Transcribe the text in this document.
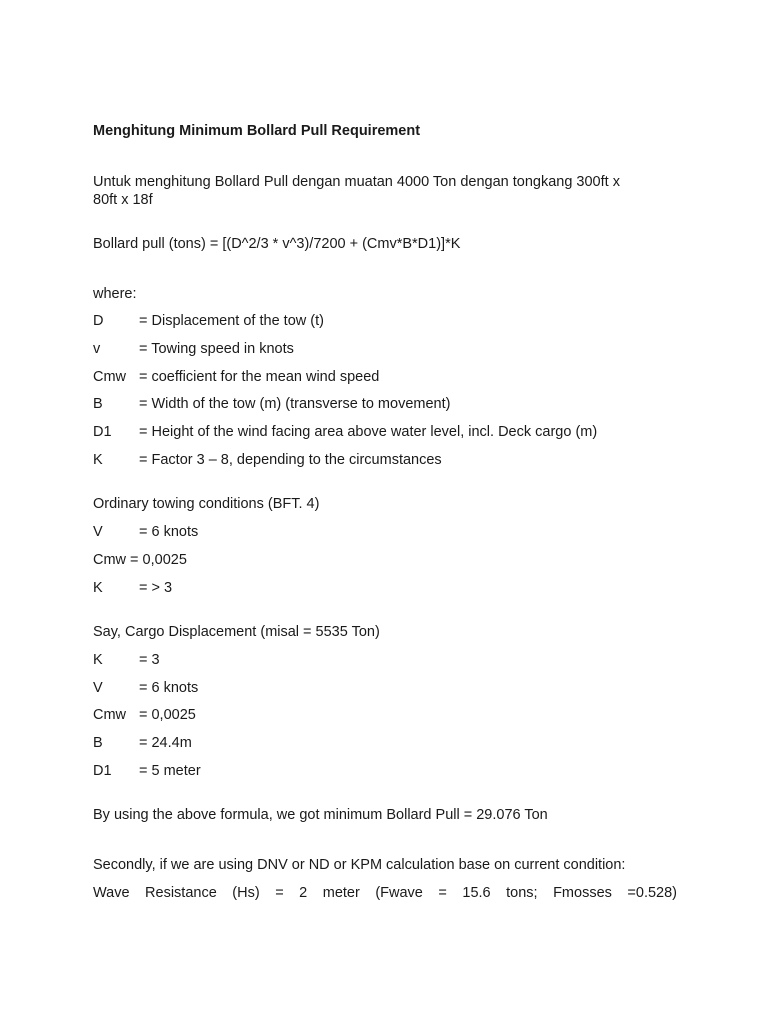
Menghitung Minimum Bollard Pull Requirement
Untuk menghitung Bollard Pull dengan muatan 4000 Ton dengan tongkang 300ft x
80ft x 18f
Bollard pull (tons) = [(D^2/3 * v^3)/7200 + (Cmv*B*D1)]*K
where:
D = Displacement of the tow (t)
v	= Towing speed in knots
Cmw = coefficient for the mean wind speed
B	= Width of the tow (m) (transverse to movement)
D1 = Height of the wind facing area above water level, incl. Deck cargo (m)
K	= Factor 3 – 8, depending to the circumstances
Ordinary towing conditions (BFT. 4)
V	= 6 knots
Cmw = 0,0025
K	= > 3
Say, Cargo Displacement (misal = 5535 Ton)
K	= 3
V	= 6 knots
Cmw = 0,0025
B	= 24.4m
D1 = 5 meter
By using the above formula, we got minimum Bollard Pull = 29.076 Ton
Secondly, if we are using DNV or ND or KPM calculation base on current condition:
Wave Resistance (Hs) = 2 meter (Fwave = 15.6 tons; Fmosses =0.528)
